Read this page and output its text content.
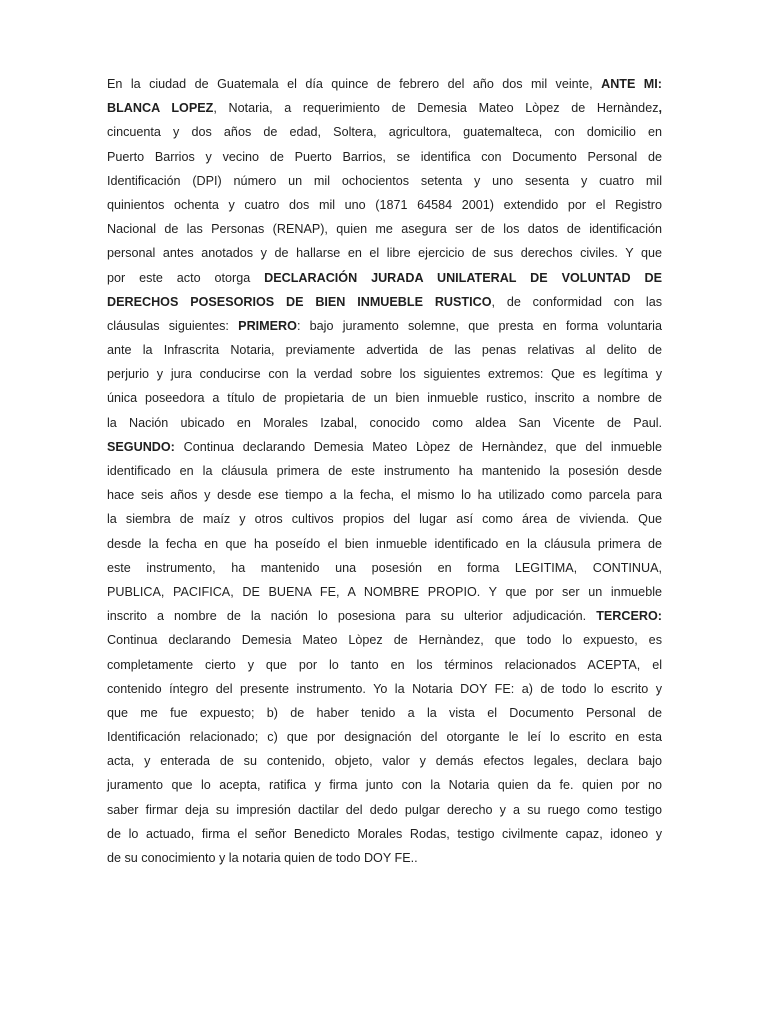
En la ciudad de Guatemala el día quince de febrero del año dos mil veinte, ANTE MI:
BLANCA LOPEZ, Notaria, a requerimiento de Demesia Mateo Lòpez de Hernàndez,
cincuenta y dos años de edad, Soltera, agricultora, guatemalteca, con domicilio en
Puerto Barrios y vecino de Puerto Barrios, se identifica con Documento Personal de
Identificación (DPI) número un mil ochocientos setenta y uno sesenta y cuatro mil
quinientos ochenta y cuatro dos mil uno (1871 64584 2001) extendido por el Registro
Nacional de las Personas (RENAP), quien me asegura ser de los datos de identificación
personal antes anotados y de hallarse en el libre ejercicio de sus derechos civiles. Y que
por este acto otorga DECLARACIÓN JURADA UNILATERAL DE VOLUNTAD DE
DERECHOS POSESORIOS DE BIEN INMUEBLE RUSTICO, de conformidad con las
cláusulas siguientes: PRIMERO: bajo juramento solemne, que presta en forma voluntaria
ante la Infrascrita Notaria, previamente advertida de las penas relativas al delito de
perjurio y jura conducirse con la verdad sobre los siguientes extremos: Que es legítima y
única poseedora a título de propietaria de un bien inmueble rustico, inscrito a nombre de
la Nación ubicado en Morales Izabal, conocido como aldea San Vicente de Paul.
SEGUNDO: Continua declarando Demesia Mateo Lòpez de Hernàndez, que del inmueble
identificado en la cláusula primera de este instrumento ha mantenido la posesión desde
hace seis años y desde ese tiempo a la fecha, el mismo lo ha utilizado como parcela para
la siembra de maíz y otros cultivos propios del lugar así como área de vivienda. Que
desde la fecha en que ha poseído el bien inmueble identificado en la cláusula primera de
este instrumento, ha mantenido una posesión en forma LEGITIMA, CONTINUA,
PUBLICA, PACIFICA, DE BUENA FE, A NOMBRE PROPIO. Y que por ser un inmueble
inscrito a nombre de la nación lo posesiona para su ulterior adjudicación. TERCERO:
Continua declarando Demesia Mateo Lòpez de Hernàndez, que todo lo expuesto, es
completamente cierto y que por lo tanto en los términos relacionados ACEPTA, el
contenido íntegro del presente instrumento. Yo la Notaria DOY FE: a) de todo lo escrito y
que me fue expuesto; b) de haber tenido a la vista el Documento Personal de
Identificación relacionado; c) que por designación del otorgante le leí lo escrito en esta
acta, y enterada de su contenido, objeto, valor y demás efectos legales, declara bajo
juramento que lo acepta, ratifica y firma junto con la Notaria quien da fe. quien por no
saber firmar deja su impresión dactilar del dedo pulgar derecho y a su ruego como testigo
de lo actuado, firma el señor Benedicto Morales Rodas, testigo civilmente capaz, idoneo y
de su conocimiento y la notaria quien de todo DOY FE..
